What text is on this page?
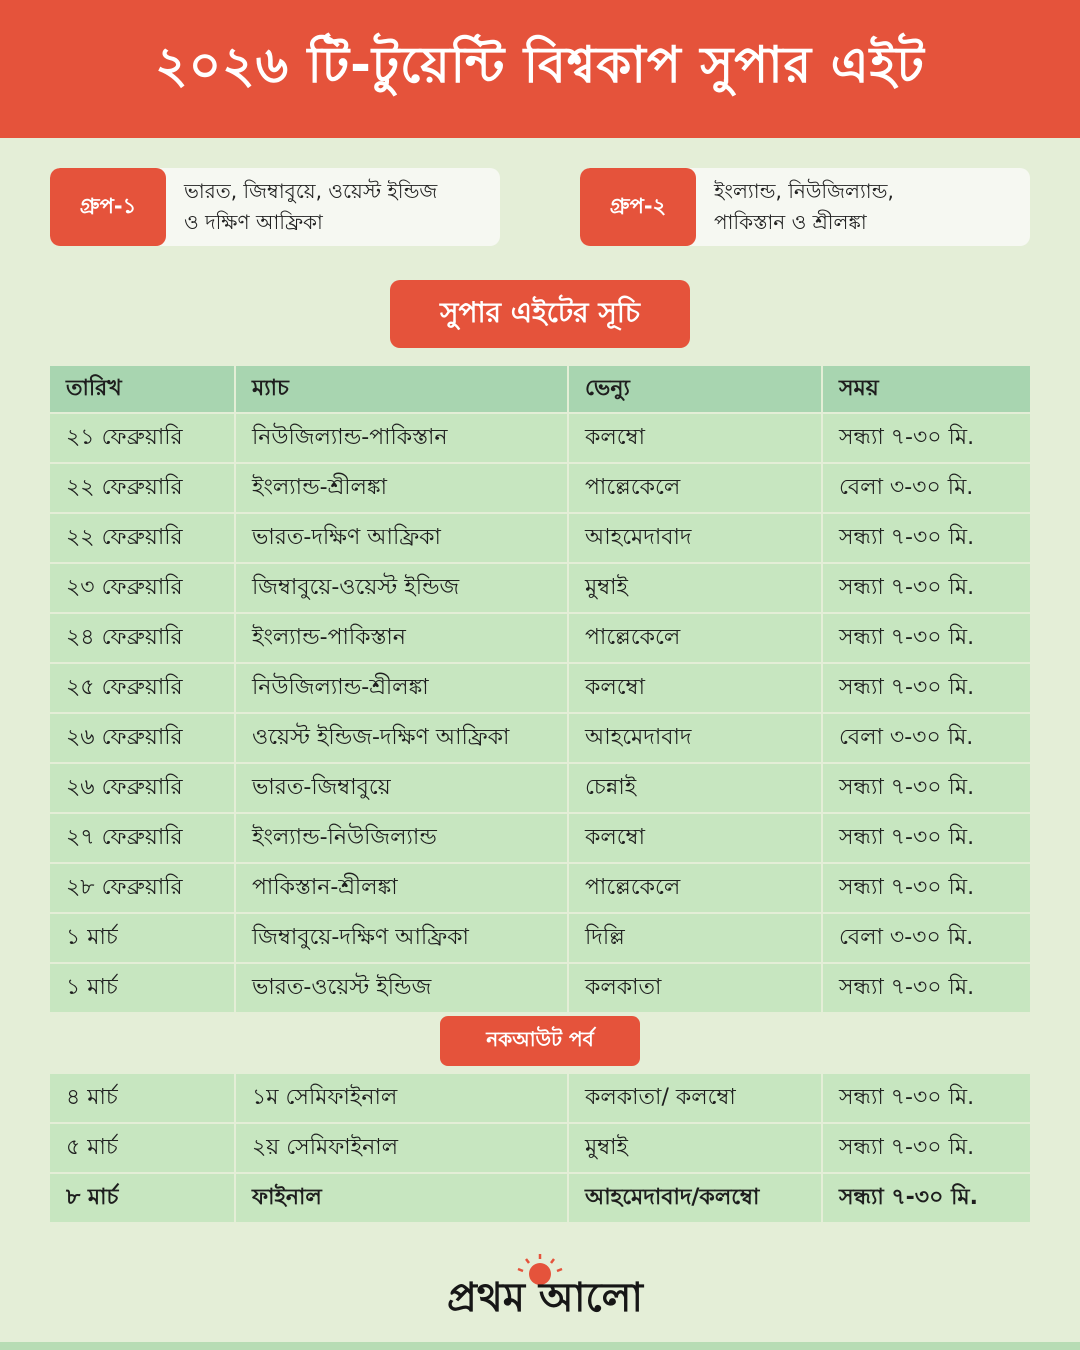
২০২৬ টি-টুয়েন্টি বিশ্বকাপ সুপার এইট
গ্রুপ-১
ভারত, জিম্বাবুয়ে, ওয়েস্ট ইন্ডিজ
ও দক্ষিণ আফ্রিকা
গ্রুপ-২
ইংল্যান্ড, নিউজিল্যান্ড,
পাকিস্তান ও শ্রীলঙ্কা
সুপার এইটের সূচি
তারিখ	ম্যাচ	ভেন্যু	সময়
২১ ফেব্রুয়ারি	নিউজিল্যান্ড-পাকিস্তান	কলম্বো	সন্ধ্যা ৭-৩০ মি.
২২ ফেব্রুয়ারি	ইংল্যান্ড-শ্রীলঙ্কা	পাল্লেকেলে	বেলা ৩-৩০ মি.
২২ ফেব্রুয়ারি	ভারত-দক্ষিণ আফ্রিকা	আহমেদাবাদ	সন্ধ্যা ৭-৩০ মি.
২৩ ফেব্রুয়ারি	জিম্বাবুয়ে-ওয়েস্ট ইন্ডিজ	মুম্বাই	সন্ধ্যা ৭-৩০ মি.
২৪ ফেব্রুয়ারি	ইংল্যান্ড-পাকিস্তান	পাল্লেকেলে	সন্ধ্যা ৭-৩০ মি.
২৫ ফেব্রুয়ারি	নিউজিল্যান্ড-শ্রীলঙ্কা	কলম্বো	সন্ধ্যা ৭-৩০ মি.
২৬ ফেব্রুয়ারি	ওয়েস্ট ইন্ডিজ-দক্ষিণ আফ্রিকা	আহমেদাবাদ	বেলা ৩-৩০ মি.
২৬ ফেব্রুয়ারি	ভারত-জিম্বাবুয়ে	চেন্নাই	সন্ধ্যা ৭-৩০ মি.
২৭ ফেব্রুয়ারি	ইংল্যান্ড-নিউজিল্যান্ড	কলম্বো	সন্ধ্যা ৭-৩০ মি.
২৮ ফেব্রুয়ারি	পাকিস্তান-শ্রীলঙ্কা	পাল্লেকেলে	সন্ধ্যা ৭-৩০ মি.
১ মার্চ	জিম্বাবুয়ে-দক্ষিণ আফ্রিকা	দিল্লি	বেলা ৩-৩০ মি.
১ মার্চ	ভারত-ওয়েস্ট ইন্ডিজ	কলকাতা	সন্ধ্যা ৭-৩০ মি.
নকআউট পর্ব
৪ মার্চ	১ম সেমিফাইনাল	কলকাতা/ কলম্বো	সন্ধ্যা ৭-৩০ মি.
৫ মার্চ	২য় সেমিফাইনাল	মুম্বাই	সন্ধ্যা ৭-৩০ মি.
৮ মার্চ	ফাইনাল	আহমেদাবাদ/কলম্বো	সন্ধ্যা ৭-৩০ মি.
প্রথম আলো
